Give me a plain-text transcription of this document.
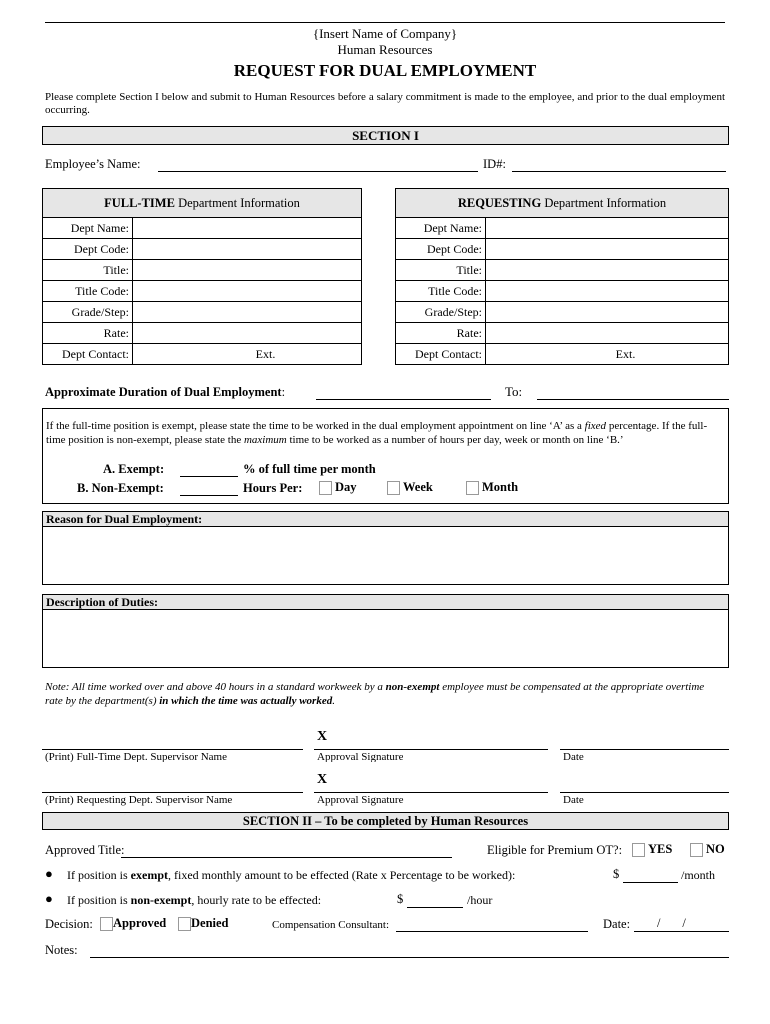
{Insert Name of Company}
Human Resources
REQUEST FOR DUAL EMPLOYMENT
Please complete Section I below and submit to Human Resources before a salary commitment is made to the employee, and prior to the dual employment occurring.
SECTION I
Employee’s Name:	ID#:
FULL-TIME Department Information	
Dept Name:	
Dept Code:	
Title:	
Title Code:	
Grade/Step:	
Rate:	
Dept Contact:	Ext.
REQUESTING Department Information	
Dept Name:	
Dept Code:	
Title:	
Title Code:	
Grade/Step:	
Rate:	
Dept Contact:	Ext.
Approximate Duration of Dual Employment:	To:
If the full-time position is exempt, please state the time to be worked in the dual employment appointment on line ‘A’ as a fixed percentage. If the full-time position is non-exempt, please state the maximum time to be worked as a number of hours per day, week or month on line ‘B.’
A. Exempt:	% of full time per month
B. Non-Exempt:	Hours Per:	Day	Week	Month
Reason for Dual Employment:
Description of Duties:
Note: All time worked over and above 40 hours in a standard workweek by a non-exempt employee must be compensated at the appropriate overtime rate by the department(s) in which the time was actually worked.
X
(Print) Full-Time Dept. Supervisor Name	Approval Signature	Date
X
(Print) Requesting Dept. Supervisor Name	Approval Signature	Date
SECTION II – To be completed by Human Resources
Approved Title:	Eligible for Premium OT?:	YES	NO
● If position is exempt, fixed monthly amount to be effected (Rate x Percentage to be worked):	$	/month
● If position is non-exempt, hourly rate to be effected:	$	/hour
Decision:	Approved	Denied	Compensation Consultant:	Date: /       /
Notes:
